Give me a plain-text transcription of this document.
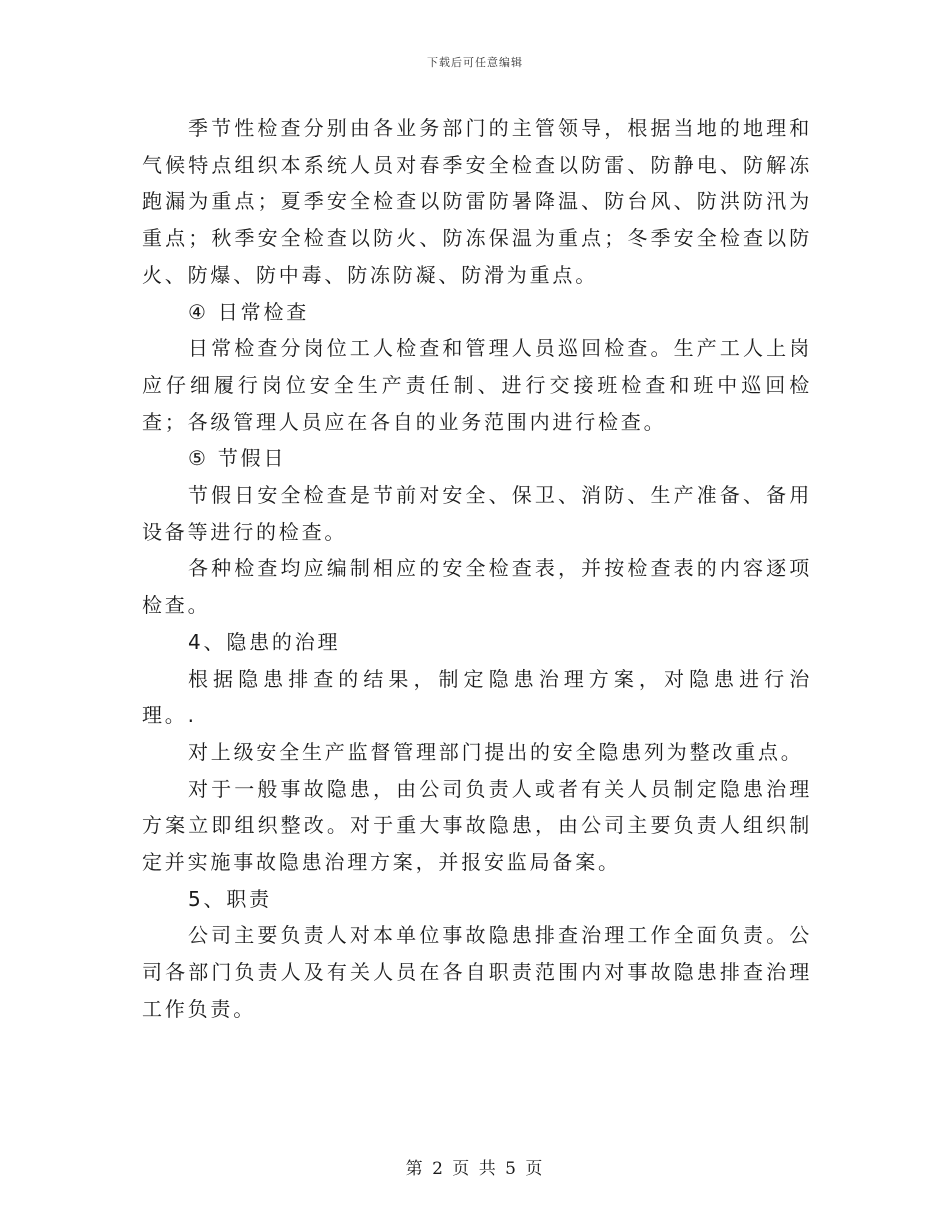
下载后可任意编辑

季节性检查分别由各业务部门的主管领导，根据当地的地理和气候特点组织本系统人员对春季安全检查以防雷、防静电、防解冻跑漏为重点；夏季安全检查以防雷防暑降温、防台风、防洪防汛为重点；秋季安全检查以防火、防冻保温为重点；冬季安全检查以防火、防爆、防中毒、防冻防凝、防滑为重点。

④ 日常检查

日常检查分岗位工人检查和管理人员巡回检查。生产工人上岗应仔细履行岗位安全生产责任制、进行交接班检查和班中巡回检查；各级管理人员应在各自的业务范围内进行检查。

⑤ 节假日

节假日安全检查是节前对安全、保卫、消防、生产准备、备用设备等进行的检查。

各种检查均应编制相应的安全检查表，并按检查表的内容逐项检查。

4、隐患的治理

根据隐患排查的结果，制定隐患治理方案，对隐患进行治理。.

对上级安全生产监督管理部门提出的安全隐患列为整改重点。

对于一般事故隐患，由公司负责人或者有关人员制定隐患治理方案立即组织整改。对于重大事故隐患，由公司主要负责人组织制定并实施事故隐患治理方案，并报安监局备案。

5、职责

公司主要负责人对本单位事故隐患排查治理工作全面负责。公司各部门负责人及有关人员在各自职责范围内对事故隐患排查治理工作负责。

第 2 页 共 5 页
